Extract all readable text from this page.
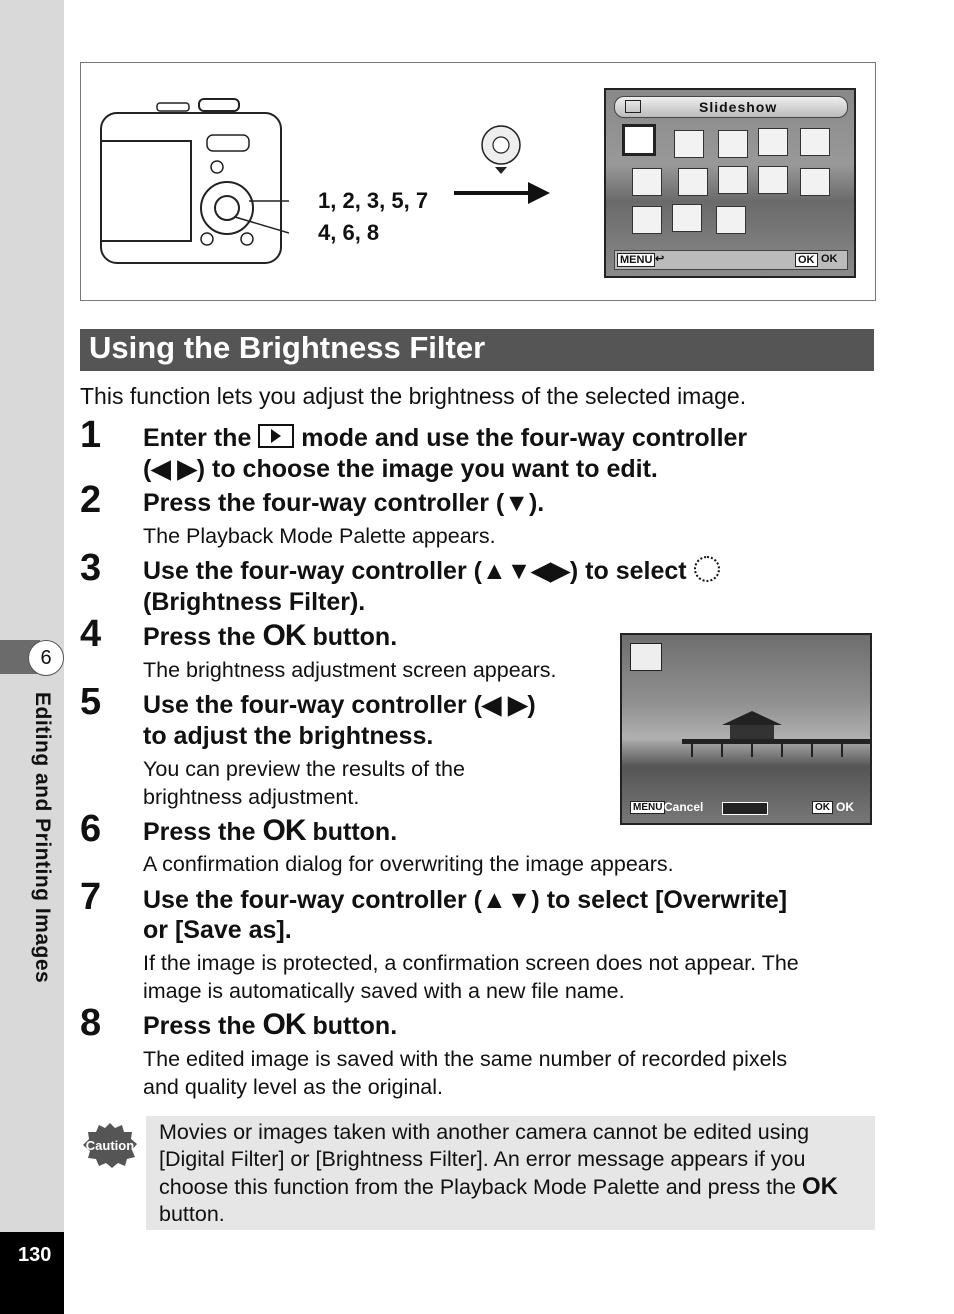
6
Editing and Printing Images
130
1, 2, 3, 5, 7
4, 6, 8
Slideshow
MENU ↩	OK OK
Using the Brightness Filter
This function lets you adjust the brightness of the selected image.
1 Enter the mode and use the four-way controller
(◀ ▶) to choose the image you want to edit.
2 Press the four-way controller (▼).
The Playback Mode Palette appears.
3 Use the four-way controller (▲▼◀▶) to select
(Brightness Filter).
4 Press the OK button.
The brightness adjustment screen appears.
5 Use the four-way controller (◀ ▶)
to adjust the brightness.
You can preview the results of the
brightness adjustment.	MENU Cancel	OK OK
6 Press the OK button.
A confirmation dialog for overwriting the image appears.
7 Use the four-way controller (▲▼) to select [Overwrite]
or [Save as].
If the image is protected, a confirmation screen does not appear. The
image is automatically saved with a new file name.
8 Press the OK button.
The edited image is saved with the same number of recorded pixels
and quality level as the original.
Caution
Movies or images taken with another camera cannot be edited using [Digital Filter] or [Brightness Filter]. An error message appears if you choose this function from the Playback Mode Palette and press the OK button.
